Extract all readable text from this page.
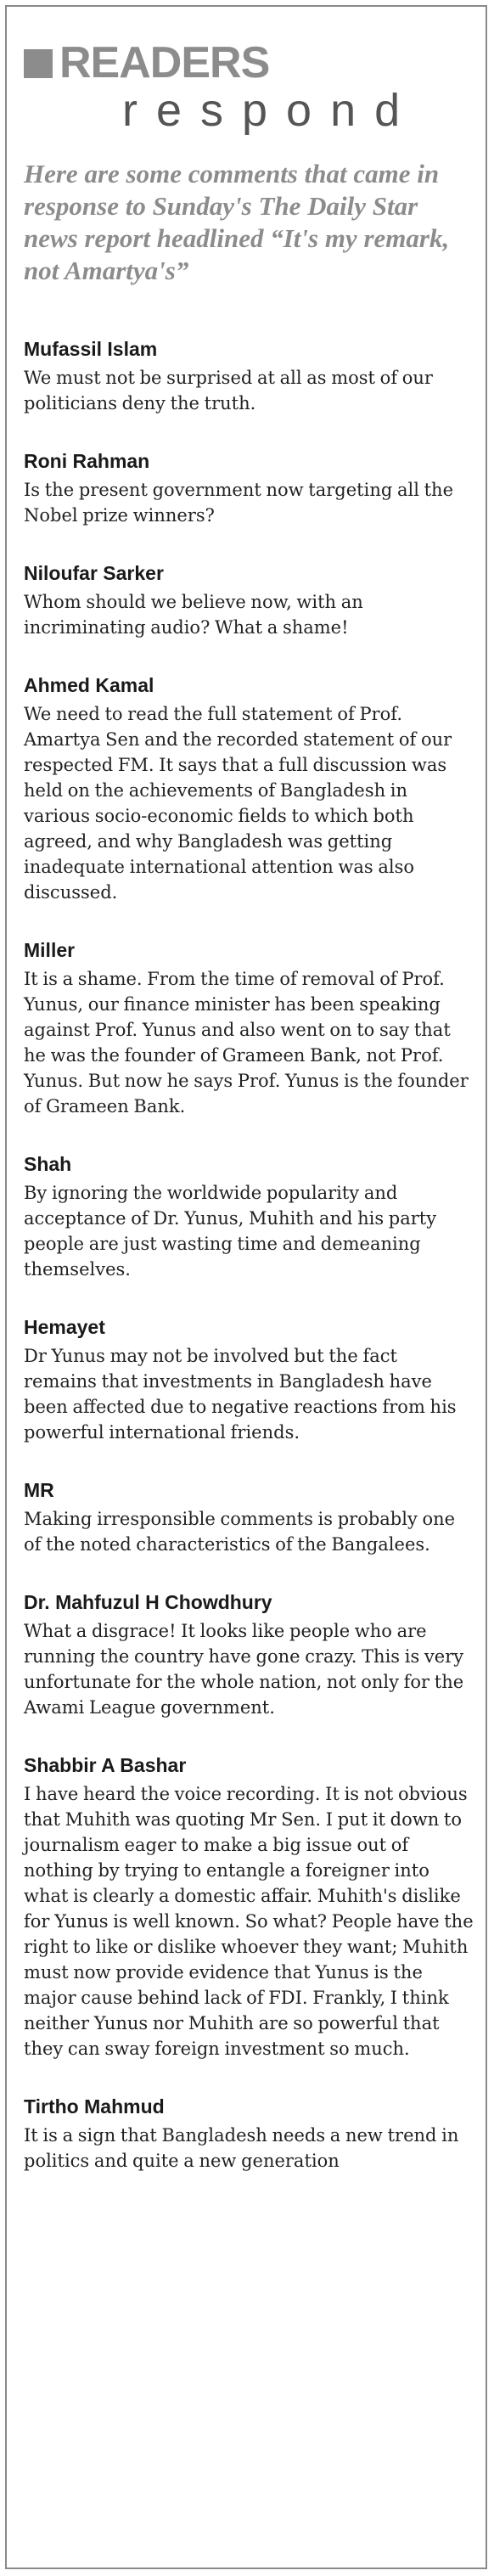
READERS
respond
Here are some comments that came in response to Sunday's The Daily Star news report headlined “It's my remark, not Amartya's”
Mufassil Islam
We must not be surprised at all as most of our politicians deny the truth.
Roni Rahman
Is the present government now targeting all the Nobel prize winners?
Niloufar Sarker
Whom should we believe now, with an incriminating audio? What a shame!
Ahmed Kamal
We need to read the full statement of Prof. Amartya Sen and the recorded statement of our respected FM. It says that a full discussion was held on the achievements of Bangladesh in various socio-economic fields to which both agreed, and why Bangladesh was getting inadequate international attention was also discussed.
Miller
It is a shame. From the time of removal of Prof. Yunus, our finance minister has been speaking against Prof. Yunus and also went on to say that he was the founder of Grameen Bank, not Prof. Yunus. But now he says Prof. Yunus is the founder of Grameen Bank.
Shah
By ignoring the worldwide popularity and acceptance of Dr. Yunus, Muhith and his party people are just wasting time and demeaning themselves.
Hemayet
Dr Yunus may not be involved but the fact remains that investments in Bangladesh have been affected due to negative reactions from his powerful international friends.
MR
Making irresponsible comments is probably one of the noted characteristics of the Bangalees.
Dr. Mahfuzul H Chowdhury
What a disgrace! It looks like people who are running the country have gone crazy. This is very unfortunate for the whole nation, not only for the Awami League government.
Shabbir A Bashar
I have heard the voice recording. It is not obvious that Muhith was quoting Mr Sen. I put it down to journalism eager to make a big issue out of nothing by trying to entangle a foreigner into what is clearly a domestic affair. Muhith's dislike for Yunus is well known. So what? People have the right to like or dislike whoever they want; Muhith must now provide evidence that Yunus is the major cause behind lack of FDI. Frankly, I think neither Yunus nor Muhith are so powerful that they can sway foreign investment so much.
Tirtho Mahmud
It is a sign that Bangladesh needs a new trend in politics and quite a new generation
